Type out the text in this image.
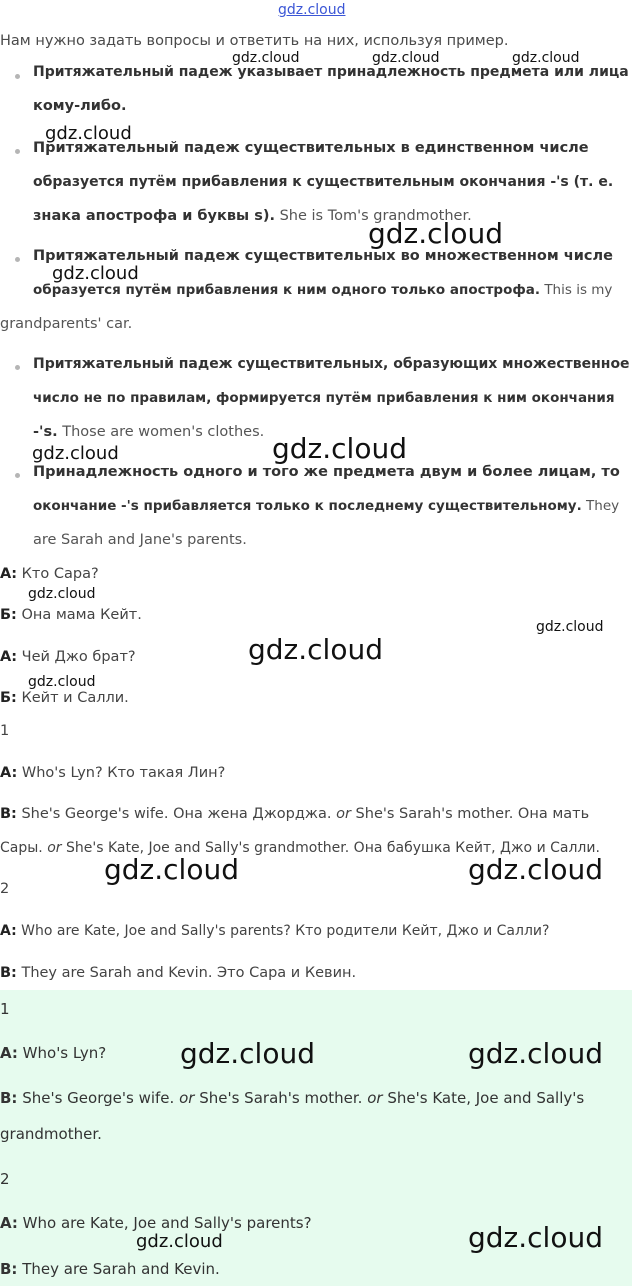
gdz.cloud
Нам нужно задать вопросы и ответить на них, используя пример.
Притяжательный падеж указывает принадлежность предмета или лица
кому-либо.
Притяжательный падеж существительных в единственном числе
образуется путём прибавления к существительным окончания -'s (т. е.
знака апострофа и буквы s). She is Tom's grandmother.
Притяжательный падеж существительных во множественном числе
образуется путём прибавления к ним одного только апострофа. This is my
grandparents' car.
Притяжательный падеж существительных, образующих множественное
число не по правилам, формируется путём прибавления к ним окончания
-'s. Those are women's clothes.
Принадлежность одного и того же предмета двум и более лицам, то
окончание -'s прибавляется только к последнему существительному. They
are Sarah and Jane's parents.
А: Кто Сара?
Б: Она мама Кейт.
А: Чей Джо брат?
Б: Кейт и Салли.
1
A: Who's Lyn? Кто такая Лин?
B: She's George's wife. Она жена Джорджа. or She's Sarah's mother. Она мать
Сары. or She's Kate, Joe and Sally's grandmother. Она бабушка Кейт, Джо и Салли.
2
A: Who are Kate, Joe and Sally's parents? Кто родители Кейт, Джо и Салли?
B: They are Sarah and Kevin. Это Сара и Кевин.
1
A: Who's Lyn?
B: She's George's wife. or She's Sarah's mother. or She's Kate, Joe and Sally's
grandmother.
2
A: Who are Kate, Joe and Sally's parents?
B: They are Sarah and Kevin.
gdz.cloud	gdz.cloud	gdz.cloud
gdz.cloud
gdz.cloud
gdz.cloud
gdz.cloud
gdz.cloud
gdz.cloud
gdz.cloud
gdz.cloud
gdz.cloud
gdz.cloud	gdz.cloud
gdz.cloud	gdz.cloud
gdz.cloud	gdz.cloud
